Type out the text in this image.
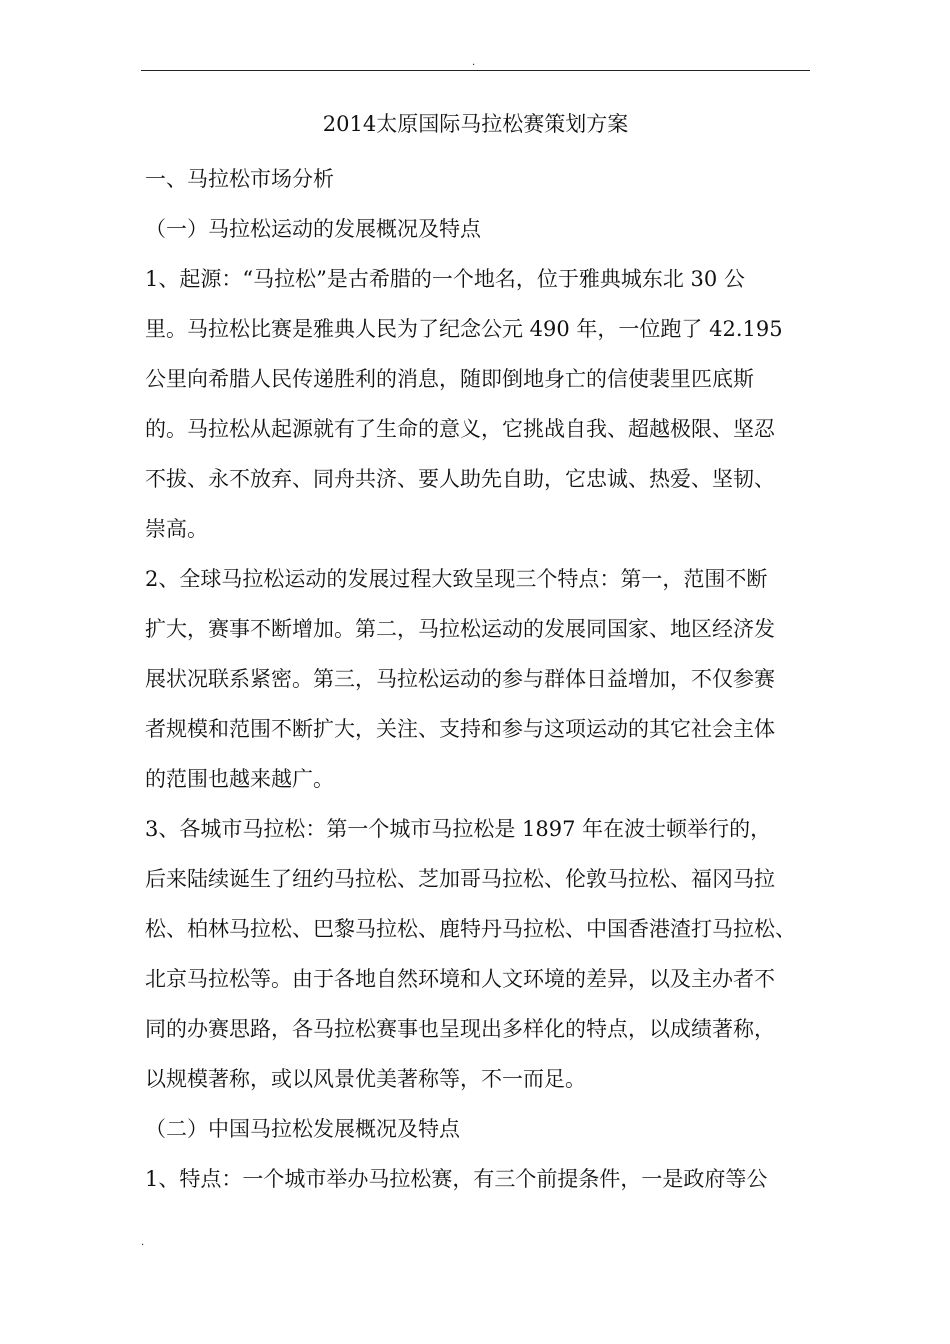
.
2014太原国际马拉松赛策划方案
一、马拉松市场分析
（一）马拉松运动的发展概况及特点
1、起源：“马拉松”是古希腊的一个地名，位于雅典城东北 30 公
里。马拉松比赛是雅典人民为了纪念公元 490 年，一位跑了 42.195
公里向希腊人民传递胜利的消息，随即倒地身亡的信使裴里匹底斯
的。马拉松从起源就有了生命的意义，它挑战自我、超越极限、坚忍
不拔、永不放弃、同舟共济、要人助先自助，它忠诚、热爱、坚韧、
崇高。
2、全球马拉松运动的发展过程大致呈现三个特点：第一，范围不断
扩大，赛事不断增加。第二，马拉松运动的发展同国家、地区经济发
展状况联系紧密。第三，马拉松运动的参与群体日益增加，不仅参赛
者规模和范围不断扩大，关注、支持和参与这项运动的其它社会主体
的范围也越来越广。
3、各城市马拉松：第一个城市马拉松是 1897 年在波士顿举行的，
后来陆续诞生了纽约马拉松、芝加哥马拉松、伦敦马拉松、福冈马拉
松、柏林马拉松、巴黎马拉松、鹿特丹马拉松、中国香港渣打马拉松、
北京马拉松等。由于各地自然环境和人文环境的差异，以及主办者不
同的办赛思路，各马拉松赛事也呈现出多样化的特点，以成绩著称，
以规模著称，或以风景优美著称等，不一而足。
（二）中国马拉松发展概况及特点
1、特点：一个城市举办马拉松赛，有三个前提条件，一是政府等公
.
